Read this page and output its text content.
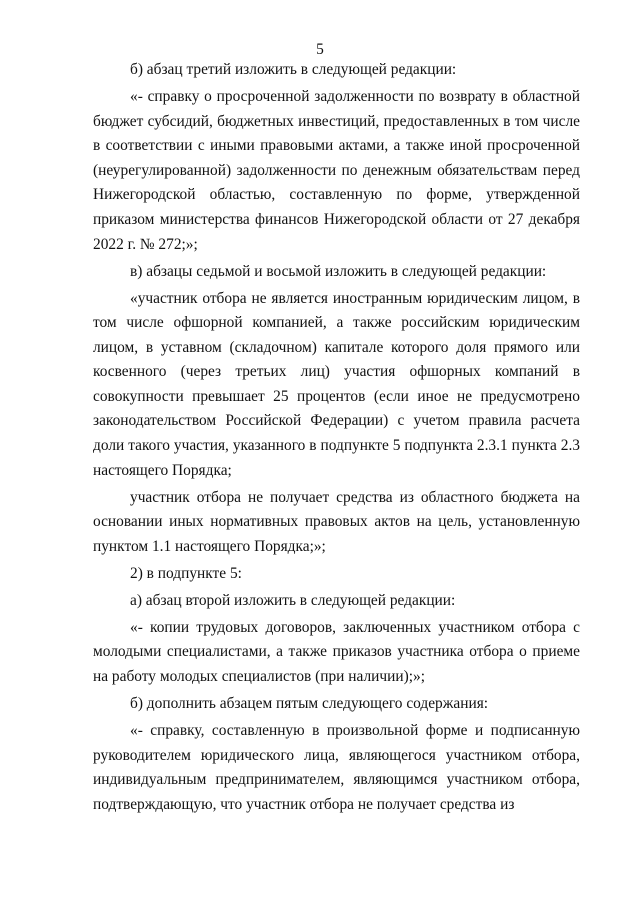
5

б) абзац третий изложить в следующей редакции:

«- справку о просроченной задолженности по возврату в областной бюджет субсидий, бюджетных инвестиций, предоставленных в том числе в соответствии с иными правовыми актами, а также иной просроченной (неурегулированной) задолженности по денежным обязательствам перед Нижегородской областью, составленную по форме, утвержденной приказом министерства финансов Нижегородской области от 27 декабря 2022 г. № 272;»;

в) абзацы седьмой и восьмой изложить в следующей редакции:

«участник отбора не является иностранным юридическим лицом, в том числе офшорной компанией, а также российским юридическим лицом, в уставном (складочном) капитале которого доля прямого или косвенного (через третьих лиц) участия офшорных компаний в совокупности превышает 25 процентов (если иное не предусмотрено законодательством Российской Федерации) с учетом правила расчета доли такого участия, указанного в подпункте 5 подпункта 2.3.1 пункта 2.3 настоящего Порядка;

участник отбора не получает средства из областного бюджета на основании иных нормативных правовых актов на цель, установленную пунктом 1.1 настоящего Порядка;»;

2) в подпункте 5:

а) абзац второй изложить в следующей редакции:

«- копии трудовых договоров, заключенных участником отбора с молодыми специалистами, а также приказов участника отбора о приеме на работу молодых специалистов (при наличии);»;

б) дополнить абзацем пятым следующего содержания:

«- справку, составленную в произвольной форме и подписанную руководителем юридического лица, являющегося участником отбора, индивидуальным предпринимателем, являющимся участником отбора, подтверждающую, что участник отбора не получает средства из
